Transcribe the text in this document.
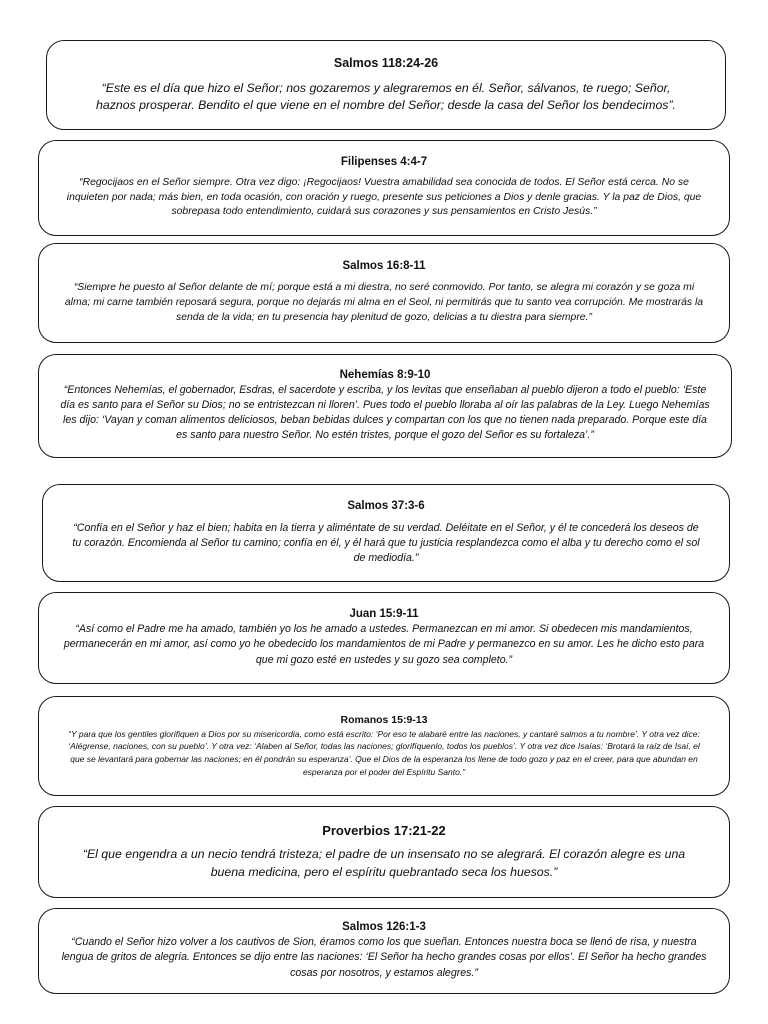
Salmos 118:24-26

“Este es el día que hizo el Señor; nos gozaremos y alegraremos en él. Señor, sálvanos, te ruego; Señor, haznos prosperar. Bendito el que viene en el nombre del Señor; desde la casa del Señor los bendecimos”.

Filipenses 4:4-7

“Regocijaos en el Señor siempre. Otra vez digo: ¡Regocijaos! Vuestra amabilidad sea conocida de todos. El Señor está cerca. No se inquieten por nada; más bien, en toda ocasión, con oración y ruego, presente sus peticiones a Dios y denle gracias. Y la paz de Dios, que sobrepasa todo entendimiento, cuidará sus corazones y sus pensamientos en Cristo Jesús.”

Salmos 16:8-11

“Siempre he puesto al Señor delante de mí; porque está a mi diestra, no seré conmovido. Por tanto, se alegra mi corazón y se goza mi alma; mi carne también reposará segura, porque no dejarás mi alma en el Seol, ni permitirás que tu santo vea corrupción. Me mostrarás la senda de la vida; en tu presencia hay plenitud de gozo, delicias a tu diestra para siempre.”

Nehemías 8:9-10

“Entonces Nehemías, el gobernador, Esdras, el sacerdote y escriba, y los levitas que enseñaban al pueblo dijeron a todo el pueblo: ‘Este día es santo para el Señor su Dios; no se entristezcan ni lloren’. Pues todo el pueblo lloraba al oír las palabras de la Ley. Luego Nehemías les dijo: ‘Vayan y coman alimentos deliciosos, beban bebidas dulces y compartan con los que no tienen nada preparado. Porque este día es santo para nuestro Señor. No estén tristes, porque el gozo del Señor es su fortaleza’.”

Salmos 37:3-6

“Confía en el Señor y haz el bien; habita en la tierra y aliméntate de su verdad. Deléitate en el Señor, y él te concederá los deseos de tu corazón. Encomienda al Señor tu camino; confía en él, y él hará que tu justicia resplandezca como el alba y tu derecho como el sol de mediodía.”

Juan 15:9-11

“Así como el Padre me ha amado, también yo los he amado a ustedes. Permanezcan en mi amor. Si obedecen mis mandamientos, permanecerán en mi amor, así como yo he obedecido los mandamientos de mi Padre y permanezco en su amor. Les he dicho esto para que mi gozo esté en ustedes y su gozo sea completo.”

Romanos 15:9-13

“Y para que los gentiles glorifiquen a Dios por su misericordia, como está escrito: ‘Por eso te alabaré entre las naciones, y cantaré salmos a tu nombre’. Y otra vez dice: ‘Alégrense, naciones, con su pueblo’. Y otra vez: ‘Alaben al Señor, todas las naciones; glorifíquenlo, todos los pueblos’. Y otra vez dice Isaías: ‘Brotará la raíz de Isaí, el que se levantará para gobernar las naciones; en él pondrán su esperanza’. Que el Dios de la esperanza los llene de todo gozo y paz en el creer, para que abundan en esperanza por el poder del Espíritu Santo.”

Proverbios 17:21-22

“El que engendra a un necio tendrá tristeza; el padre de un insensato no se alegrará. El corazón alegre es una buena medicina, pero el espíritu quebrantado seca los huesos.”

Salmos 126:1-3

“Cuando el Señor hizo volver a los cautivos de Sion, éramos como los que sueñan. Entonces nuestra boca se llenó de risa, y nuestra lengua de gritos de alegría. Entonces se dijo entre las naciones: ‘El Señor ha hecho grandes cosas por ellos’. El Señor ha hecho grandes cosas por nosotros, y estamos alegres.”
